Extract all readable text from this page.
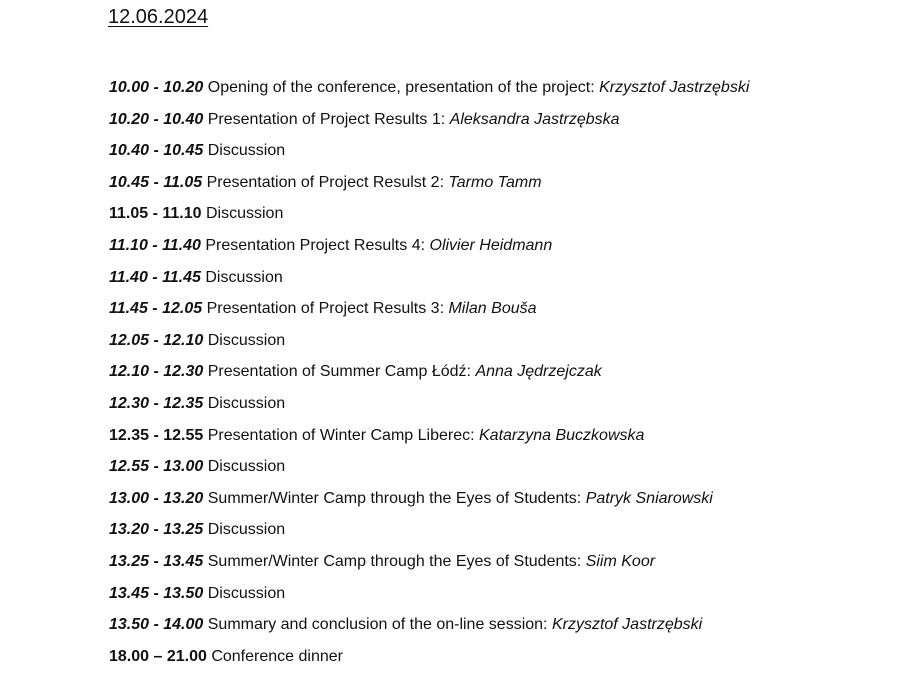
12.06.2024
10.00 - 10.20 Opening of the conference, presentation of the project: Krzysztof Jastrzębski
10.20 - 10.40 Presentation of Project Results 1: Aleksandra Jastrzębska
10.40 - 10.45 Discussion
10.45 - 11.05 Presentation of Project Resulst 2: Tarmo Tamm
11.05 - 11.10 Discussion
11.10 - 11.40 Presentation Project Results 4: Olivier Heidmann
11.40 - 11.45 Discussion
11.45 - 12.05 Presentation of Project Results 3: Milan Bouša
12.05 - 12.10 Discussion
12.10 - 12.30 Presentation of Summer Camp Łódź: Anna Jędrzejczak
12.30 - 12.35 Discussion
12.35 - 12.55 Presentation of Winter Camp Liberec: Katarzyna Buczkowska
12.55 - 13.00 Discussion
13.00 - 13.20 Summer/Winter Camp through the Eyes of Students: Patryk Sniarowski
13.20 - 13.25 Discussion
13.25 - 13.45 Summer/Winter Camp through the Eyes of Students: Siim Koor
13.45 - 13.50 Discussion
13.50 - 14.00 Summary and conclusion of the on-line session: Krzysztof Jastrzębski
18.00 – 21.00 Conference dinner
